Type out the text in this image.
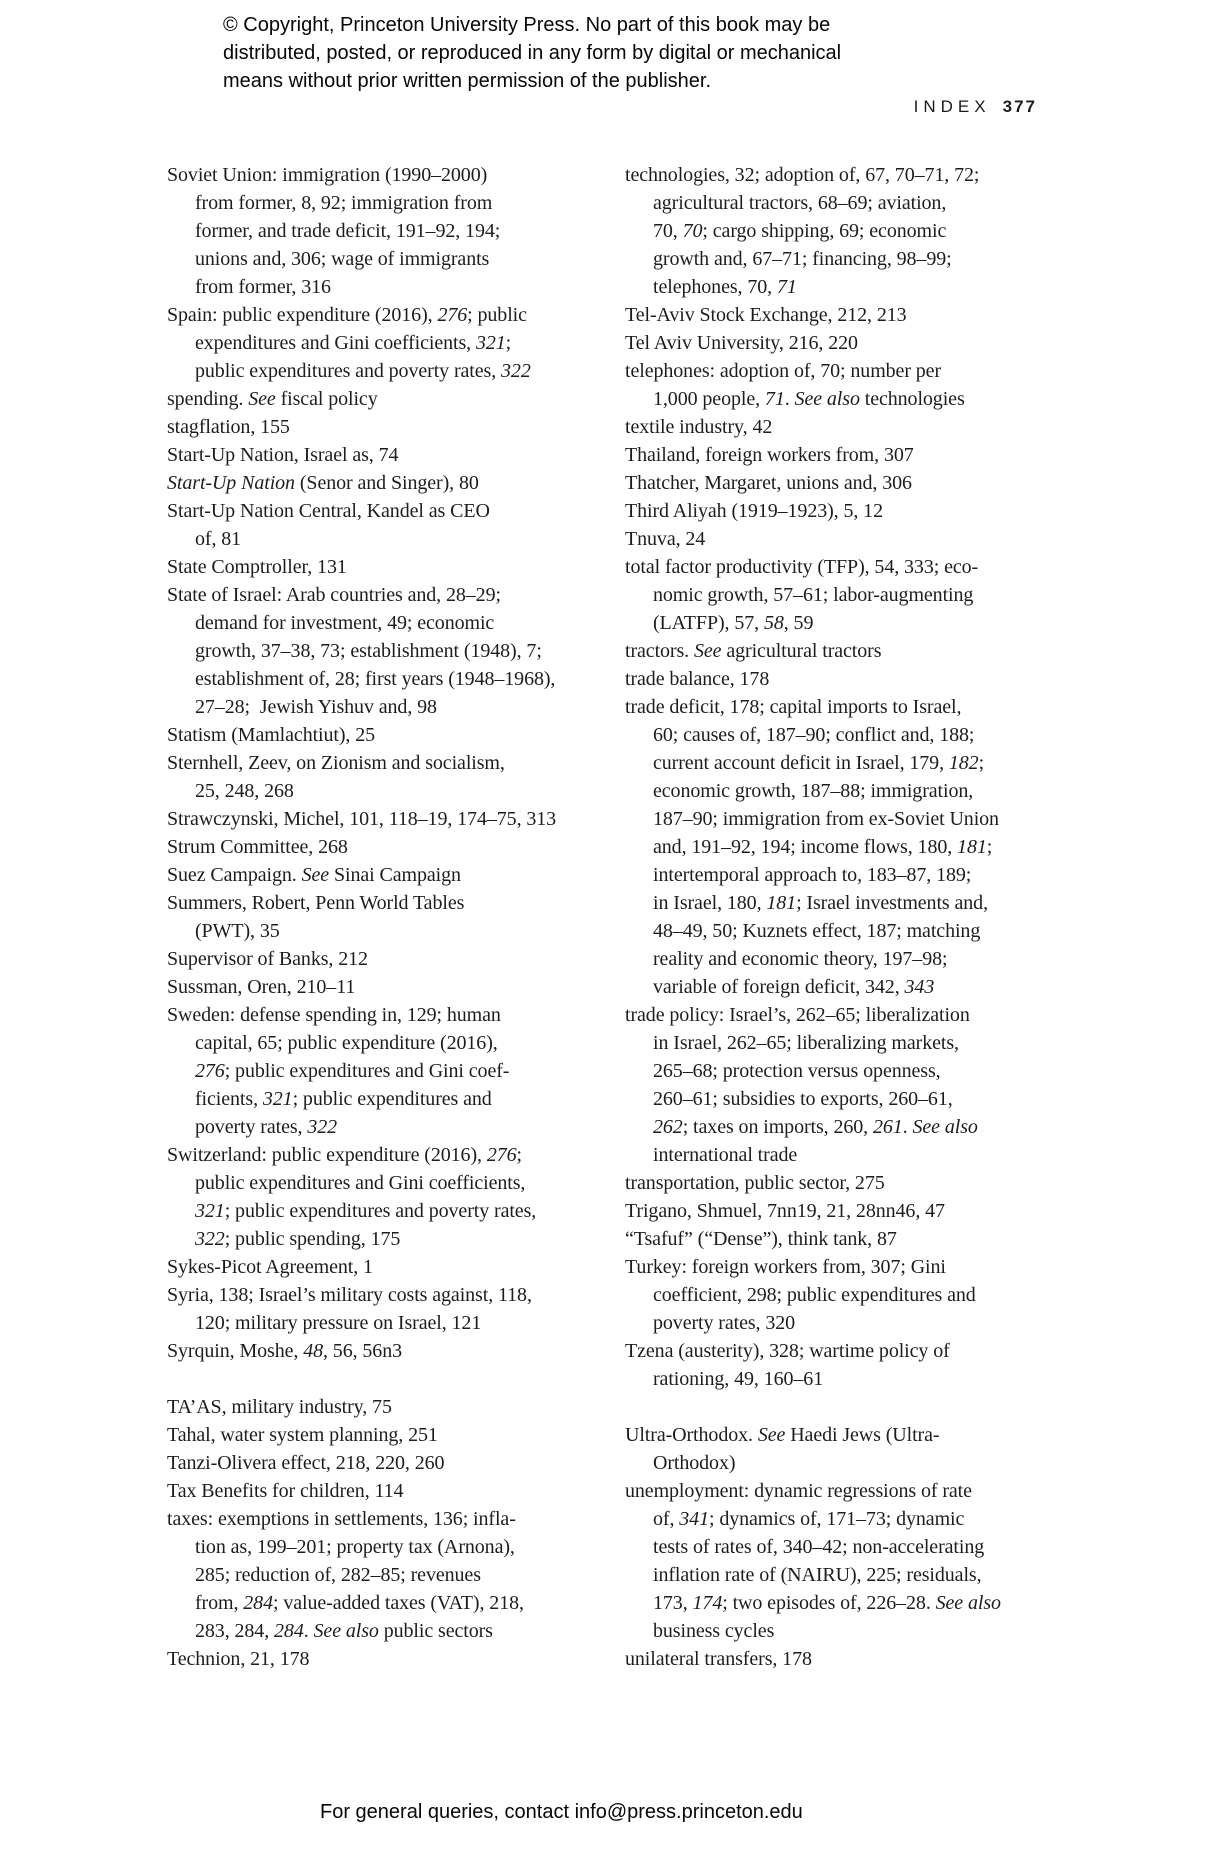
© Copyright, Princeton University Press. No part of this book may be
distributed, posted, or reproduced in any form by digital or mechanical
means without prior written permission of the publisher.
INDEX 377

Soviet Union: immigration (1990–2000)
from former, 8, 92; immigration from
former, and trade deficit, 191–92, 194;
unions and, 306; wage of immigrants
from former, 316

Spain: public expenditure (2016), 276; public
expenditures and Gini coefficients, 321;
public expenditures and poverty rates, 322

spending. See fiscal policy

stagflation, 155

Start-Up Nation, Israel as, 74

Start-Up Nation (Senor and Singer), 80

Start-Up Nation Central, Kandel as CEO
of, 81

State Comptroller, 131

State of Israel: Arab countries and, 28–29;
demand for investment, 49; economic
growth, 37–38, 73; establishment (1948), 7;
establishment of, 28; first years (1948–1968),
27–28;  Jewish Yishuv and, 98

Statism (Mamlachtiut), 25

Sternhell, Zeev, on Zionism and socialism,
25, 248, 268

Strawczynski, Michel, 101, 118–19, 174–75, 313

Strum Committee, 268

Suez Campaign. See Sinai Campaign

Summers, Robert, Penn World Tables
(PWT), 35

Supervisor of Banks, 212

Sussman, Oren, 210–11

Sweden: defense spending in, 129; human
capital, 65; public expenditure (2016),
276; public expenditures and Gini coef-
ficients, 321; public expenditures and
poverty rates, 322

Switzerland: public expenditure (2016), 276;
public expenditures and Gini coefficients,
321; public expenditures and poverty rates,
322; public spending, 175

Sykes-Picot Agreement, 1

Syria, 138; Israel’s military costs against, 118,
120; military pressure on Israel, 121

Syrquin, Moshe, 48, 56, 56n3

TA’AS, military industry, 75

Tahal, water system planning, 251

Tanzi-Olivera effect, 218, 220, 260

Tax Benefits for children, 114

taxes: exemptions in settlements, 136; infla-
tion as, 199–201; property tax (Arnona),
285; reduction of, 282–85; revenues
from, 284; value-added taxes (VAT), 218,
283, 284, 284. See also public sectors

Technion, 21, 178

technologies, 32; adoption of, 67, 70–71, 72;
agricultural tractors, 68–69; aviation,
70, 70; cargo shipping, 69; economic
growth and, 67–71; financing, 98–99;
telephones, 70, 71

Tel-Aviv Stock Exchange, 212, 213

Tel Aviv University, 216, 220

telephones: adoption of, 70; number per
1,000 people, 71. See also technologies

textile industry, 42

Thailand, foreign workers from, 307

Thatcher, Margaret, unions and, 306

Third Aliyah (1919–1923), 5, 12

Tnuva, 24

total factor productivity (TFP), 54, 333; eco-
nomic growth, 57–61; labor-augmenting
(LATFP), 57, 58, 59

tractors. See agricultural tractors

trade balance, 178

trade deficit, 178; capital imports to Israel,
60; causes of, 187–90; conflict and, 188;
current account deficit in Israel, 179, 182;
economic growth, 187–88; immigration,
187–90; immigration from ex-Soviet Union
and, 191–92, 194; income flows, 180, 181;
intertemporal approach to, 183–87, 189;
in Israel, 180, 181; Israel investments and,
48–49, 50; Kuznets effect, 187; matching
reality and economic theory, 197–98;
variable of foreign deficit, 342, 343

trade policy: Israel’s, 262–65; liberalization
in Israel, 262–65; liberalizing markets,
265–68; protection versus openness,
260–61; subsidies to exports, 260–61,
262; taxes on imports, 260, 261. See also
international trade

transportation, public sector, 275

Trigano, Shmuel, 7nn19, 21, 28nn46, 47

“Tsafuf” (“Dense”), think tank, 87

Turkey: foreign workers from, 307; Gini
coefficient, 298; public expenditures and
poverty rates, 320

Tzena (austerity), 328; wartime policy of
rationing, 49, 160–61

Ultra-Orthodox. See Haedi Jews (Ultra-
Orthodox)

unemployment: dynamic regressions of rate
of, 341; dynamics of, 171–73; dynamic
tests of rates of, 340–42; non-accelerating
inflation rate of (NAIRU), 225; residuals,
173, 174; two episodes of, 226–28. See also
business cycles

unilateral transfers, 178

For general queries, contact info@press.princeton.edu
